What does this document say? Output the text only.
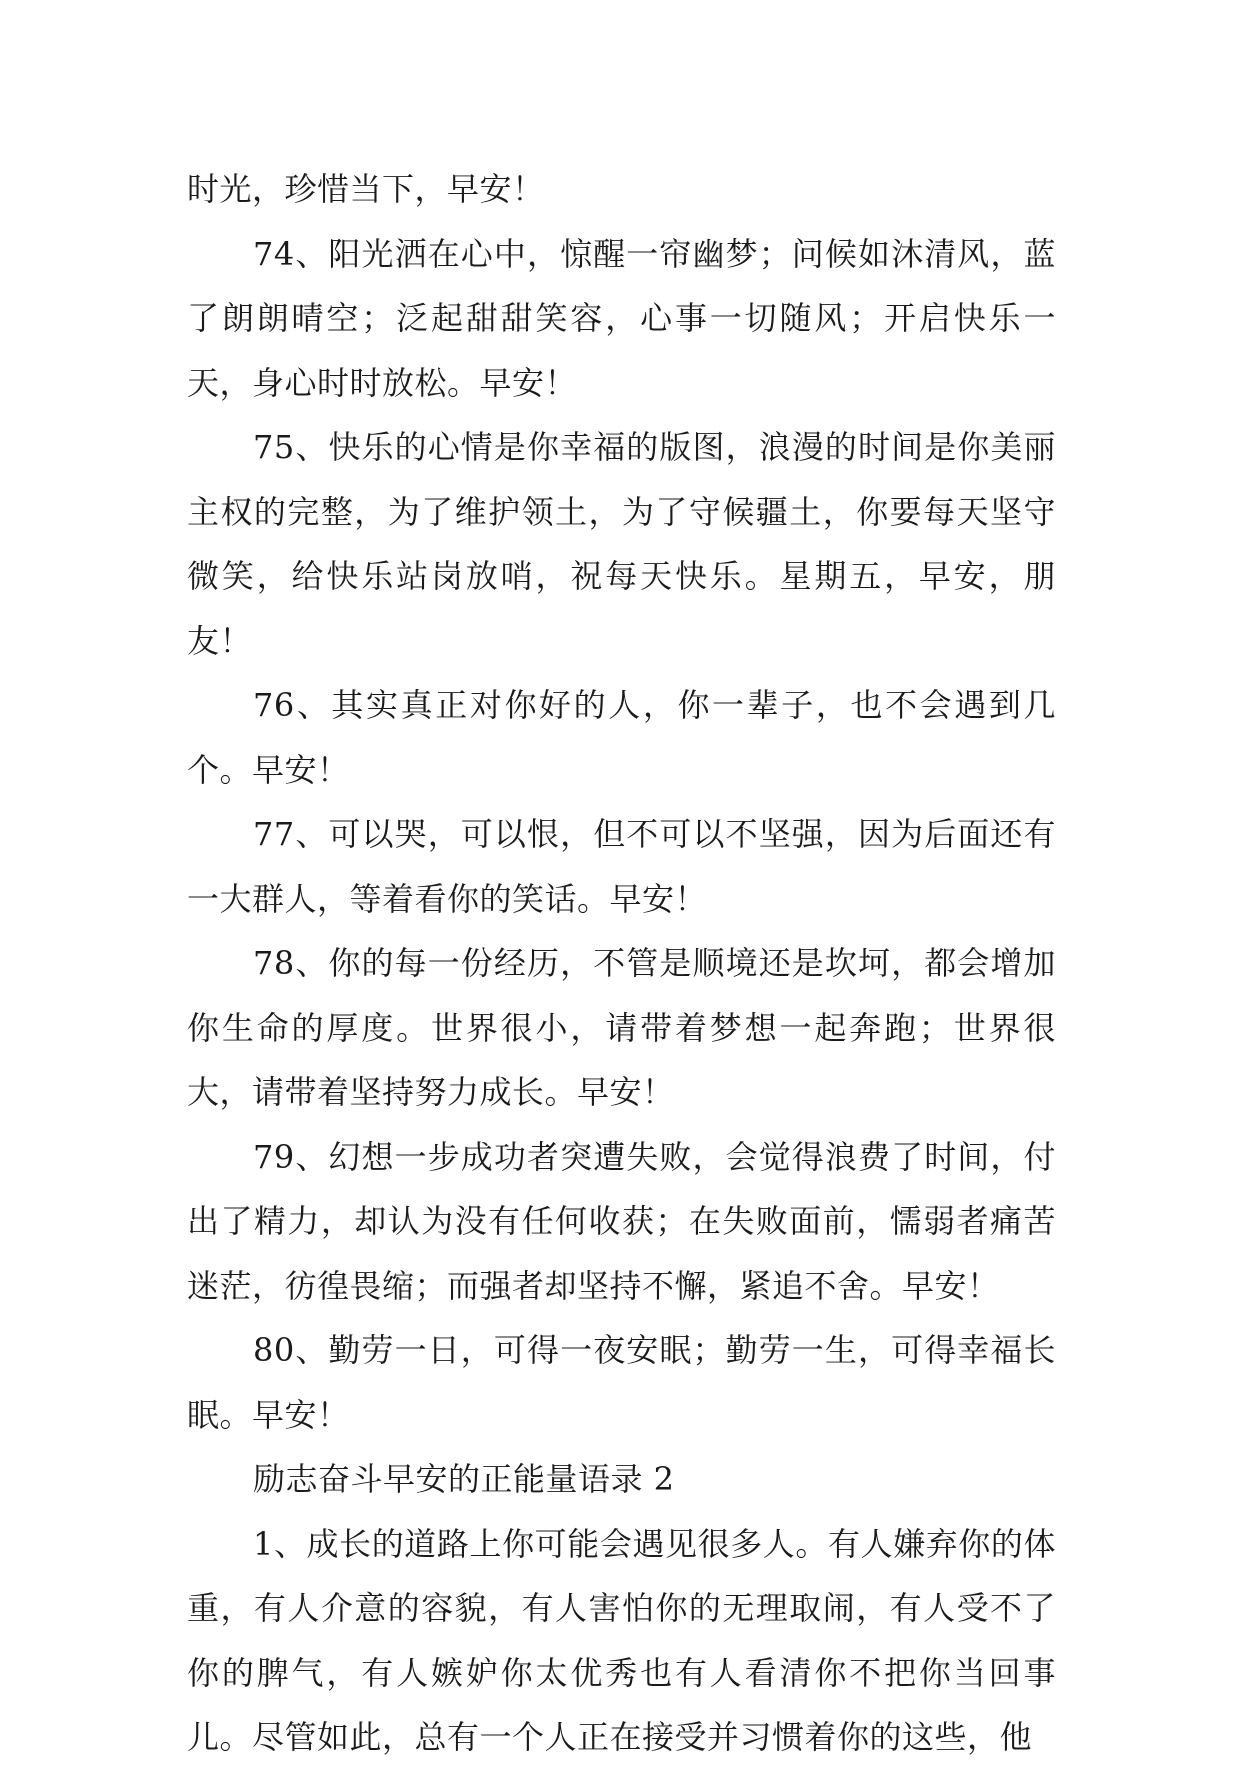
时光，珍惜当下，早安！

74、阳光洒在心中，惊醒一帘幽梦；问候如沐清风，蓝了朗朗晴空；泛起甜甜笑容，心事一切随风；开启快乐一天，身心时时放松。早安！

75、快乐的心情是你幸福的版图，浪漫的时间是你美丽主权的完整，为了维护领土，为了守候疆土，你要每天坚守微笑，给快乐站岗放哨，祝每天快乐。星期五，早安，朋友！

76、其实真正对你好的人，你一辈子，也不会遇到几个。早安！

77、可以哭，可以恨，但不可以不坚强，因为后面还有一大群人，等着看你的笑话。早安！

78、你的每一份经历，不管是顺境还是坎坷，都会增加你生命的厚度。世界很小，请带着梦想一起奔跑；世界很大，请带着坚持努力成长。早安！

79、幻想一步成功者突遭失败，会觉得浪费了时间，付出了精力，却认为没有任何收获；在失败面前，懦弱者痛苦迷茫，彷徨畏缩；而强者却坚持不懈，紧追不舍。早安！

80、勤劳一日，可得一夜安眠；勤劳一生，可得幸福长眠。早安！

励志奋斗早安的正能量语录 2

1、成长的道路上你可能会遇见很多人。有人嫌弃你的体重，有人介意的容貌，有人害怕你的无理取闹，有人受不了你的脾气，有人嫉妒你太优秀也有人看清你不把你当回事儿。尽管如此，总有一个人正在接受并习惯着你的这些，他
